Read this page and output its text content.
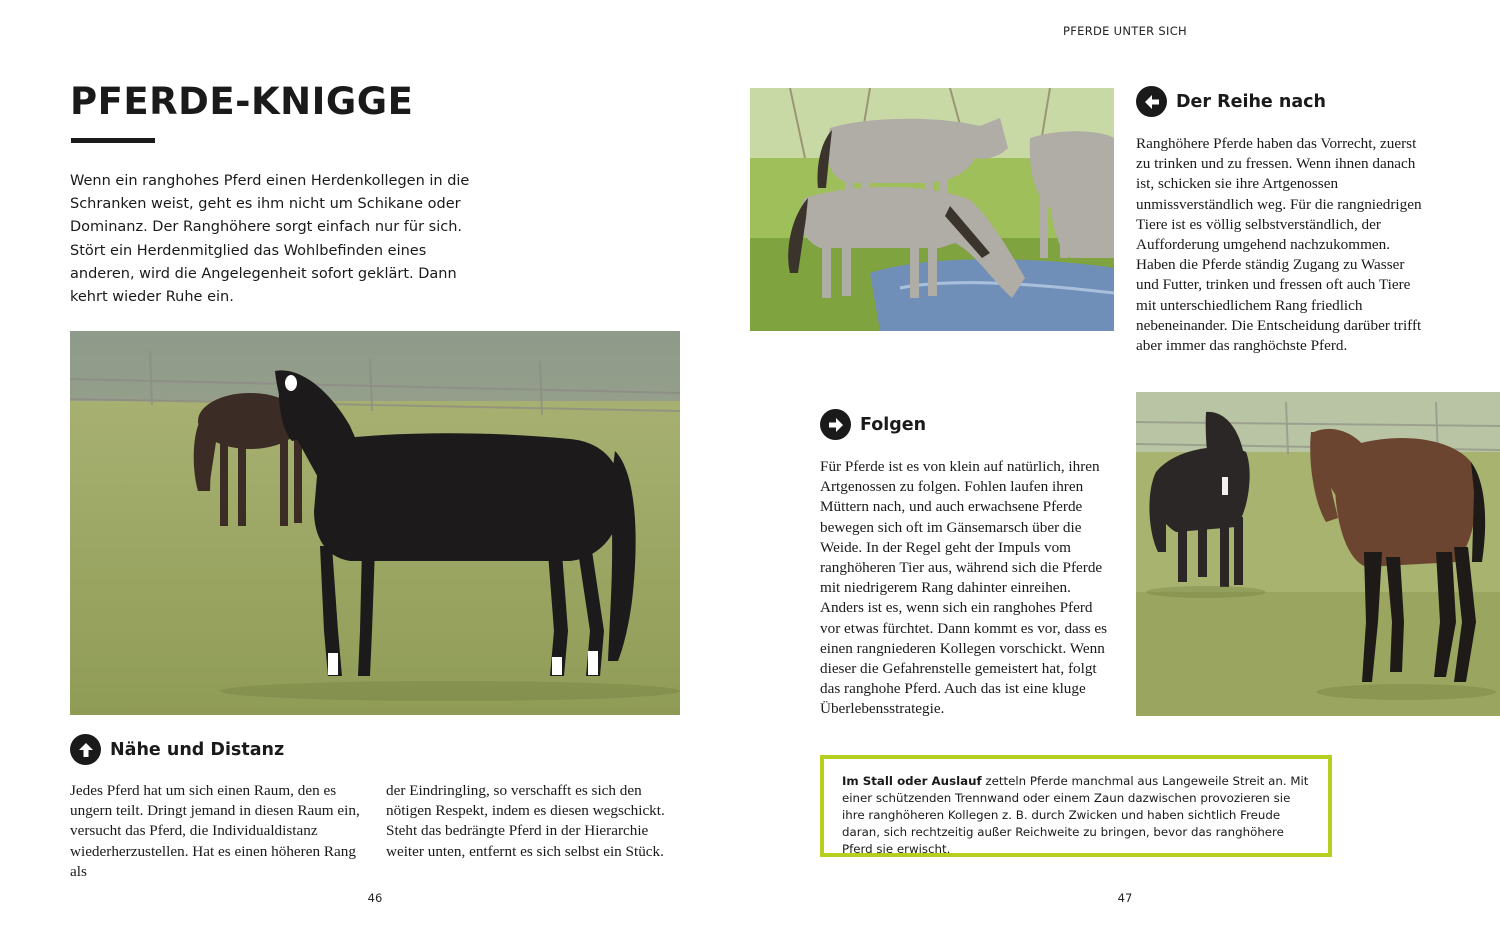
PFERDE UNTER SICH
PFERDE-KNIGGE

Wenn ein ranghohes Pferd einen Herdenkollegen in die Schranken weist, geht es ihm nicht um Schikane oder Dominanz. Der Ranghöhere sorgt einfach nur für sich. Stört ein Herdenmitglied das Wohlbefinden eines anderen, wird die Angelegenheit sofort geklärt. Dann kehrt wieder Ruhe ein.

Nähe und Distanz

Jedes Pferd hat um sich einen Raum, den es ungern teilt. Dringt jemand in diesen Raum ein, versucht das Pferd, die Individualdistanz wiederherzustellen. Hat es einen höheren Rang als

der Eindringling, so verschafft es sich den nötigen Respekt, indem es diesen wegschickt. Steht das bedrängte Pferd in der Hierarchie weiter unten, entfernt es sich selbst ein Stück.

46
Der Reihe nach

Ranghöhere Pferde haben das Vorrecht, zuerst zu trinken und zu fressen. Wenn ihnen danach ist, schicken sie ihre Artgenossen unmissverständlich weg. Für die rangniedrigen Tiere ist es völlig selbstverständlich, der Aufforderung umgehend nachzukommen. Haben die Pferde ständig Zugang zu Wasser und Futter, trinken und fressen oft auch Tiere mit unterschiedlichem Rang friedlich nebeneinander. Die Entscheidung darüber trifft aber immer das ranghöchste Pferd.

Folgen

Für Pferde ist es von klein auf natürlich, ihren Artgenossen zu folgen. Fohlen laufen ihren Müttern nach, und auch erwachsene Pferde bewegen sich oft im Gänsemarsch über die Weide. In der Regel geht der Impuls vom ranghöheren Tier aus, während sich die Pferde mit niedrigerem Rang dahinter einreihen. Anders ist es, wenn sich ein ranghohes Pferd vor etwas fürchtet. Dann kommt es vor, dass es einen rangniederen Kollegen vorschickt. Wenn dieser die Gefahrenstelle gemeistert hat, folgt das ranghohe Pferd. Auch das ist eine kluge Überlebensstrategie.

Im Stall oder Auslauf zetteln Pferde manchmal aus Langeweile Streit an. Mit einer schützenden Trennwand oder einem Zaun dazwischen provozieren sie ihre ranghöheren Kollegen z. B. durch Zwicken und haben sichtlich Freude daran, sich rechtzeitig außer Reichweite zu bringen, bevor das ranghöhere Pferd sie erwischt.
47
